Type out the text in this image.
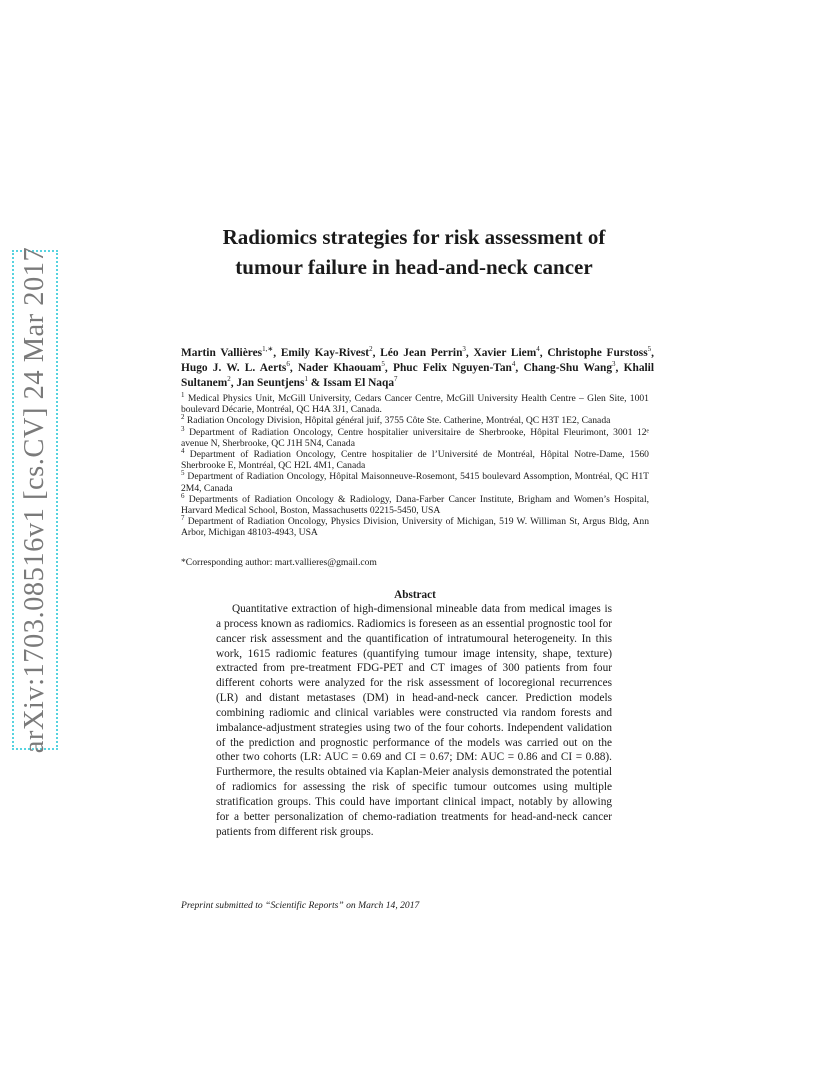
arXiv:1703.08516v1 [cs.CV] 24 Mar 2017
Radiomics strategies for risk assessment of
tumour failure in head-and-neck cancer
Martin Vallières$^{1,∗}$, Emily Kay-Rivest$^2$, Léo Jean Perrin$^3$, Xavier Liem$^4$, Christophe Furstoss$^5$, Hugo J. W. L. Aerts$^6$, Nader Khaouam$^5$, Phuc Felix Nguyen-Tan$^4$, Chang-Shu Wang$^3$, Khalil Sultanem$^2$, Jan Seuntjens$^1$ & Issam El Naqa$^7$

$^1$ Medical Physics Unit, McGill University, Cedars Cancer Centre, McGill University Health Centre – Glen Site, 1001 boulevard Décarie, Montréal, QC H4A 3J1, Canada.

$^2$ Radiation Oncology Division, Hôpital général juif, 3755 Côte Ste. Catherine, Montréal, QC H3T 1E2, Canada

$^3$ Department of Radiation Oncology, Centre hospitalier universitaire de Sherbrooke, Hôpital Fleurimont, 3001 12ᵉ avenue N, Sherbrooke, QC J1H 5N4, Canada

$^4$ Department of Radiation Oncology, Centre hospitalier de l’Université de Montréal, Hôpital Notre-Dame, 1560 Sherbrooke E, Montréal, QC H2L 4M1, Canada

$^5$ Department of Radiation Oncology, Hôpital Maisonneuve-Rosemont, 5415 boulevard Assomption, Montréal, QC H1T 2M4, Canada

$^6$ Departments of Radiation Oncology & Radiology, Dana-Farber Cancer Institute, Brigham and Women’s Hospital, Harvard Medical School, Boston, Massachusetts 02215-5450, USA

$^7$ Department of Radiation Oncology, Physics Division, University of Michigan, 519 W. Williman St, Argus Bldg, Ann Arbor, Michigan 48103-4943, USA

*Corresponding author: mart.vallieres@gmail.com
Abstract

Quantitative extraction of high-dimensional mineable data from medical images is a process known as radiomics. Radiomics is foreseen as an essential prognostic tool for cancer risk assessment and the quantification of intratumoural heterogeneity. In this work, 1615 radiomic features (quantifying tumour image intensity, shape, texture) extracted from pre-treatment FDG-PET and CT images of 300 patients from four different cohorts were analyzed for the risk assessment of locoregional recurrences (LR) and distant metastases (DM) in head-and-neck cancer. Prediction models combining radiomic and clinical variables were constructed via random forests and imbalance-adjustment strategies using two of the four cohorts. Independent validation of the prediction and prognostic performance of the models was carried out on the other two cohorts (LR: AUC = 0.69 and CI = 0.67; DM: AUC = 0.86 and CI = 0.88). Furthermore, the results obtained via Kaplan-Meier analysis demonstrated the potential of radiomics for assessing the risk of specific tumour outcomes using multiple stratification groups. This could have important clinical impact, notably by allowing for a better personalization of chemo-radiation treatments for head-and-neck cancer patients from different risk groups.

Preprint submitted to “Scientific Reports” on March 14, 2017
